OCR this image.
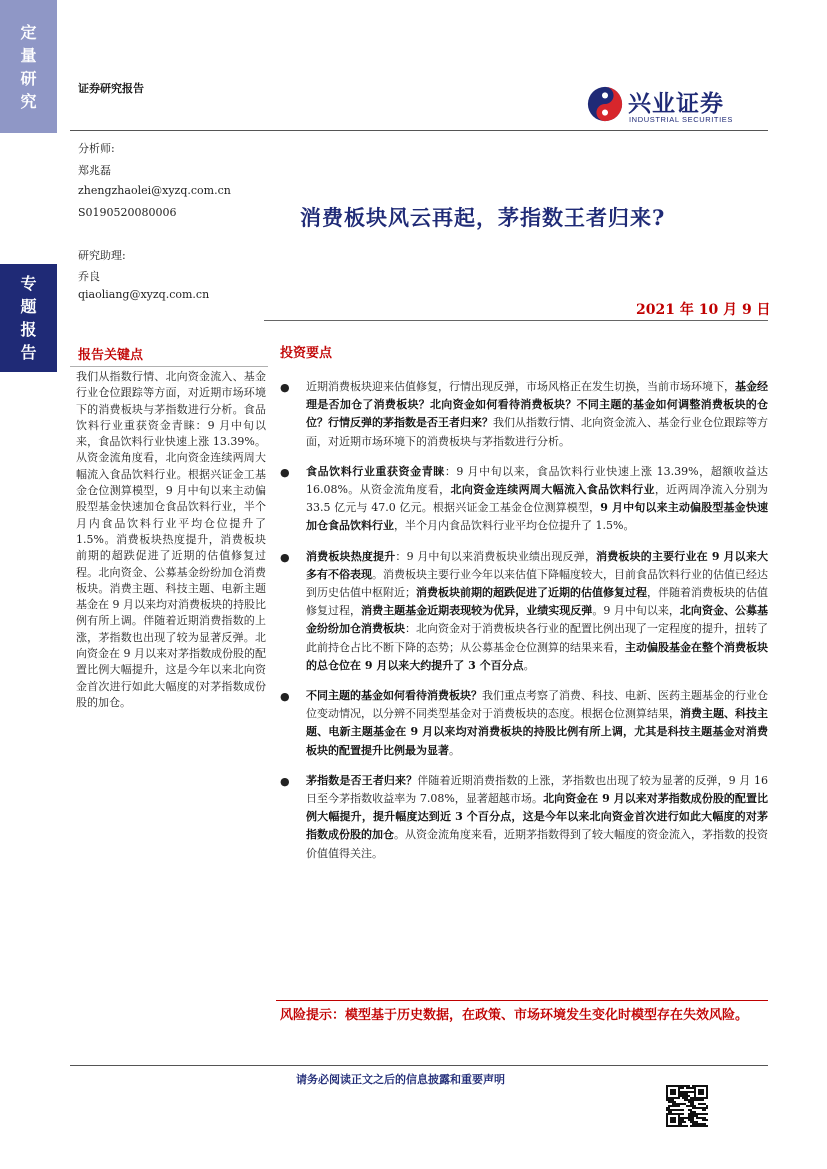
定
量
研
究
专
题
报
告
证券研究报告
兴业证券
INDUSTRIAL SECURITIES
分析师:
郑兆磊
zhengzhaolei@xyzq.com.cn
S0190520080006
研究助理:
乔良
qiaoliang@xyzq.com.cn
消费板块风云再起，茅指数王者归来?
2021 年 10 月 9 日
报告关键点
我们从指数行情、北向资金流入、基金行业仓位跟踪等方面，对近期市场环境下的消费板块与茅指数进行分析。食品饮料行业重获资金青睐：9 月中旬以来，食品饮料行业快速上涨 13.39%。从资金流角度看，北向资金连续两周大幅流入食品饮料行业。根据兴证金工基金仓位测算模型，9 月中旬以来主动偏股型基金快速加仓食品饮料行业，半个月内食品饮料行业平均仓位提升了 1.5%。消费板块热度提升，消费板块前期的超跌促进了近期的估值修复过程。北向资金、公募基金纷纷加仓消费板块。消费主题、科技主题、电新主题基金在 9 月以来均对消费板块的持股比例有所上调。伴随着近期消费指数的上涨，茅指数也出现了较为显著反弹。北向资金在 9 月以来对茅指数成份股的配置比例大幅提升，这是今年以来北向资金首次进行如此大幅度的对茅指数成份股的加仓。
投资要点
● 近期消费板块迎来估值修复，行情出现反弹，市场风格正在发生切换，当前市场环境下，基金经理是否加仓了消费板块？北向资金如何看待消费板块？不同主题的基金如何调整消费板块的仓位？行情反弹的茅指数是否王者归来？我们从指数行情、北向资金流入、基金行业仓位跟踪等方面，对近期市场环境下的消费板块与茅指数进行分析。
● 食品饮料行业重获资金青睐：9 月中旬以来，食品饮料行业快速上涨 13.39%，超额收益达 16.08%。从资金流角度看，北向资金连续两周大幅流入食品饮料行业，近两周净流入分别为 33.5 亿元与 47.0 亿元。根据兴证金工基金仓位测算模型，9 月中旬以来主动偏股型基金快速加仓食品饮料行业，半个月内食品饮料行业平均仓位提升了 1.5%。
● 消费板块热度提升：9 月中旬以来消费板块业绩出现反弹，消费板块的主要行业在 9 月以来大多有不俗表现。消费板块主要行业今年以来估值下降幅度较大，目前食品饮料行业的估值已经达到历史估值中枢附近；消费板块前期的超跌促进了近期的估值修复过程，伴随着消费板块的估值修复过程，消费主题基金近期表现较为优异，业绩实现反弹。9 月中旬以来，北向资金、公募基金纷纷加仓消费板块：北向资金对于消费板块各行业的配置比例出现了一定程度的提升，扭转了此前持仓占比不断下降的态势；从公募基金仓位测算的结果来看，主动偏股基金在整个消费板块的总仓位在 9 月以来大约提升了 3 个百分点。
● 不同主题的基金如何看待消费板块？我们重点考察了消费、科技、电新、医药主题基金的行业仓位变动情况，以分辨不同类型基金对于消费板块的态度。根据仓位测算结果，消费主题、科技主题、电新主题基金在 9 月以来均对消费板块的持股比例有所上调，尤其是科技主题基金对消费板块的配置提升比例最为显著。
● 茅指数是否王者归来？伴随着近期消费指数的上涨，茅指数也出现了较为显著的反弹，9 月 16 日至今茅指数收益率为 7.08%，显著超越市场。北向资金在 9 月以来对茅指数成份股的配置比例大幅提升，提升幅度达到近 3 个百分点，这是今年以来北向资金首次进行如此大幅度的对茅指数成份股的加仓。从资金流角度来看，近期茅指数得到了较大幅度的资金流入，茅指数的投资价值值得关注。
风险提示：模型基于历史数据，在政策、市场环境发生变化时模型存在失效风险。
请务必阅读正文之后的信息披露和重要声明
